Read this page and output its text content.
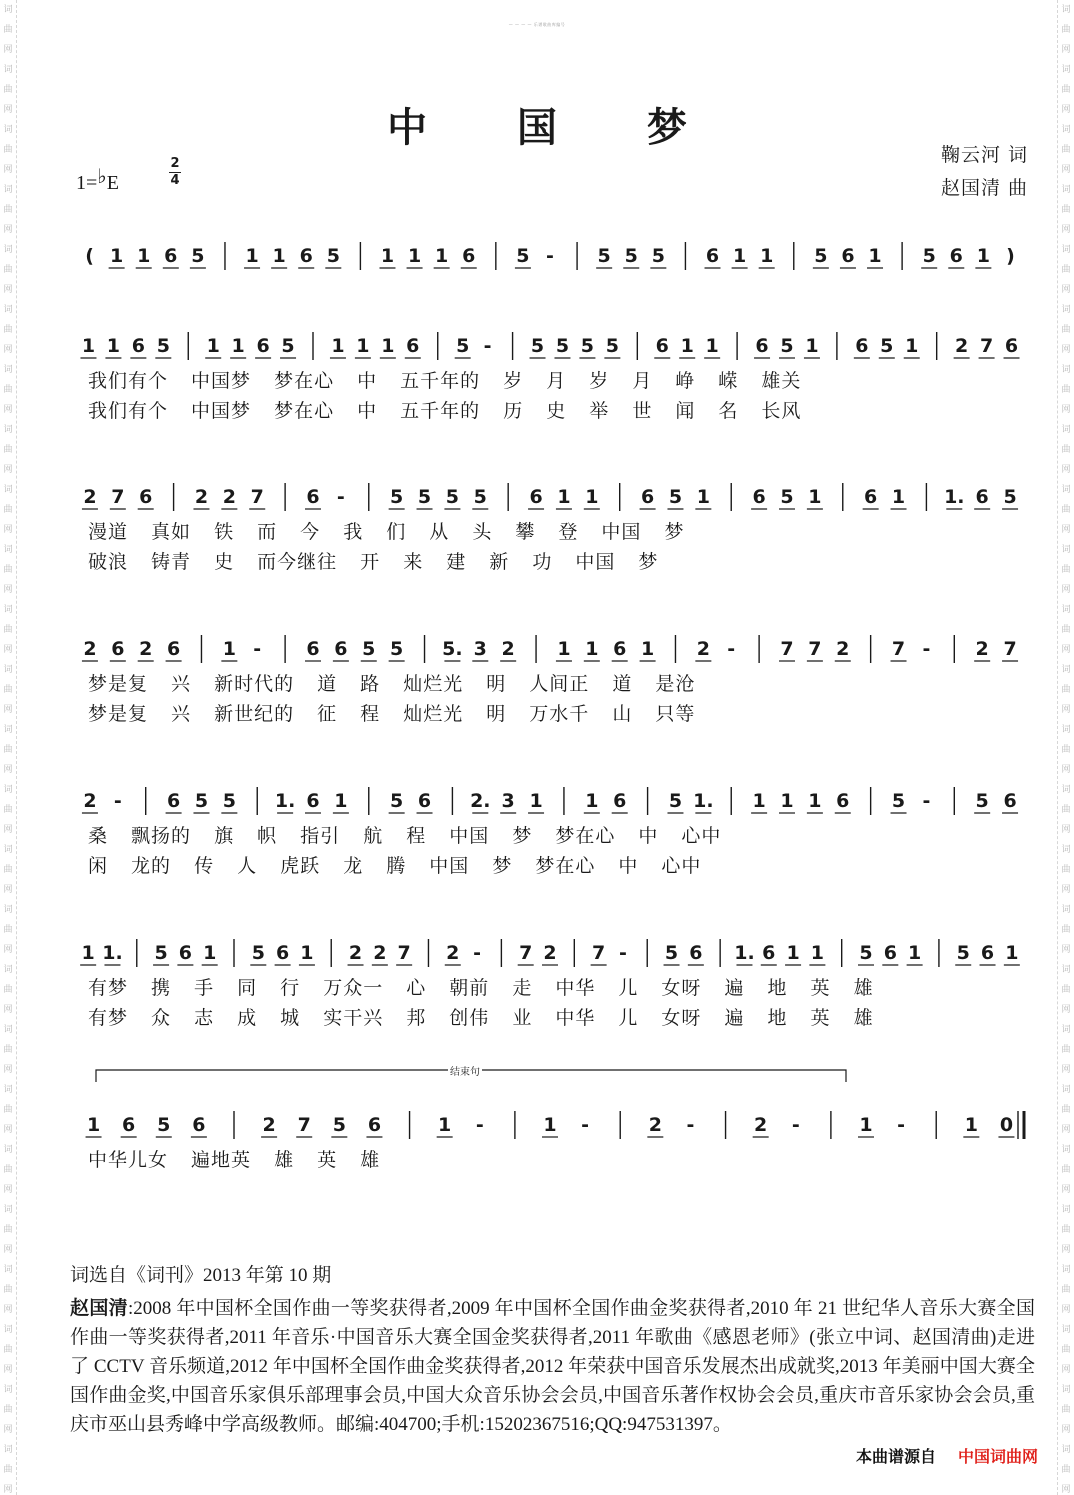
词
曲
网
词
曲
网
词
曲
网
词
曲
网
词
曲
网
词
曲
网
词
曲
网
词
曲
网
词
曲
网
词
曲
网
词
曲
网
词
曲
网
词
曲
网
词
曲
网
词
曲
网
词
曲
网
词
曲
网
词
曲
网
词
曲
网
词
曲
网
词
曲
网
词
曲
网
词
曲
网
词
曲
网
词
曲
网
词
曲
网
词
曲
网
词
曲
网
词
曲
网
词
曲
网
词
曲
网
词
曲
网
词
曲
网
词
曲
网
词
曲
网
词
曲
网
词
曲
网
词
曲
网
词
曲
网
词
曲
网
词
曲
网
词
曲
网
词
曲
网
词
曲
网
词
曲
网
词
曲
网
词
曲
网
词
曲
网
词
曲
网
词
曲
网
— — — — 乐谱歌曲库编号
中 国 梦
鞠云河 词
赵国清 曲
1=♭E
2
4
( 1 1 6 5 1 1 6 5 1 1 1 6 5 - 5 5 5 6 1 1 5 6 1 5 6 1 )
1 1 6 5 1 1 6 5 1 1 1 6 5 - 5 5 5 5 6 1 1 6 5 1 6 5 1 2 7 6
2 7 6 2 2 7 6 - 5 5 5 5 6 1 1 6 5 1 6 5 1 6 1 1. 6 5
2 6 2 6 1 - 6 6 5 5 5. 3 2 1 1 6 1 2 - 7 7 2 7 - 2 7
2 - 6 5 5 1. 6 1 5 6 2. 3 1 1 6 5 1. 1 1 1 6 5 - 5 6
1 1. 5 6 1 5 6 1 2 2 7 2 - 7 2 7 - 5 6 1. 6 1 1 5 6 1 5 6 1
1 6 5 6	2 7 5 6	1 -	1 -	2 -	2 -	1 -	1 0
结束句
我们有个 中国梦 梦在心 中 五千年的 岁 月 岁 月 峥 嵘 雄关
我们有个 中国梦 梦在心 中 五千年的 历 史 举 世 闻 名 长风
漫道 真如 铁 而 今 我 们 从 头 攀 登 中国 梦
破浪 铸青 史 而今继往 开 来 建 新 功 中国 梦
梦是复 兴 新时代的 道 路 灿烂光 明 人间正 道 是沧
梦是复 兴 新世纪的 征 程 灿烂光 明 万水千 山 只等
桑 飘扬的 旗 帜 指引 航 程 中国 梦 梦在心 中 心中
闲 龙的 传 人 虎跃 龙 腾 中国 梦 梦在心 中 心中
有梦 携 手 同 行 万众一 心 朝前 走 中华 儿 女呀 遍 地 英 雄
有梦 众 志 成 城 实干兴 邦 创伟 业 中华 儿 女呀 遍 地 英 雄
中华儿女 遍地英 雄 英 雄
词选自《词刊》2013 年第 10 期
赵国清:2008 年中国杯全国作曲一等奖获得者,2009 年中国杯全国作曲金奖获得者,2010 年 21 世纪华人音乐大赛全国作曲一等奖获得者,2011 年音乐·中国音乐大赛全国金奖获得者,2011 年歌曲《感恩老师》(张立中词、赵国清曲)走进了 CCTV 音乐频道,2012 年中国杯全国作曲金奖获得者,2012 年荣获中国音乐发展杰出成就奖,2013 年美丽中国大赛全国作曲金奖,中国音乐家俱乐部理事会员,中国大众音乐协会会员,中国音乐著作权协会会员,重庆市音乐家协会会员,重庆市巫山县秀峰中学高级教师。邮编:404700;手机:15202367516;QQ:947531397。
本曲谱源自 中国词曲网
